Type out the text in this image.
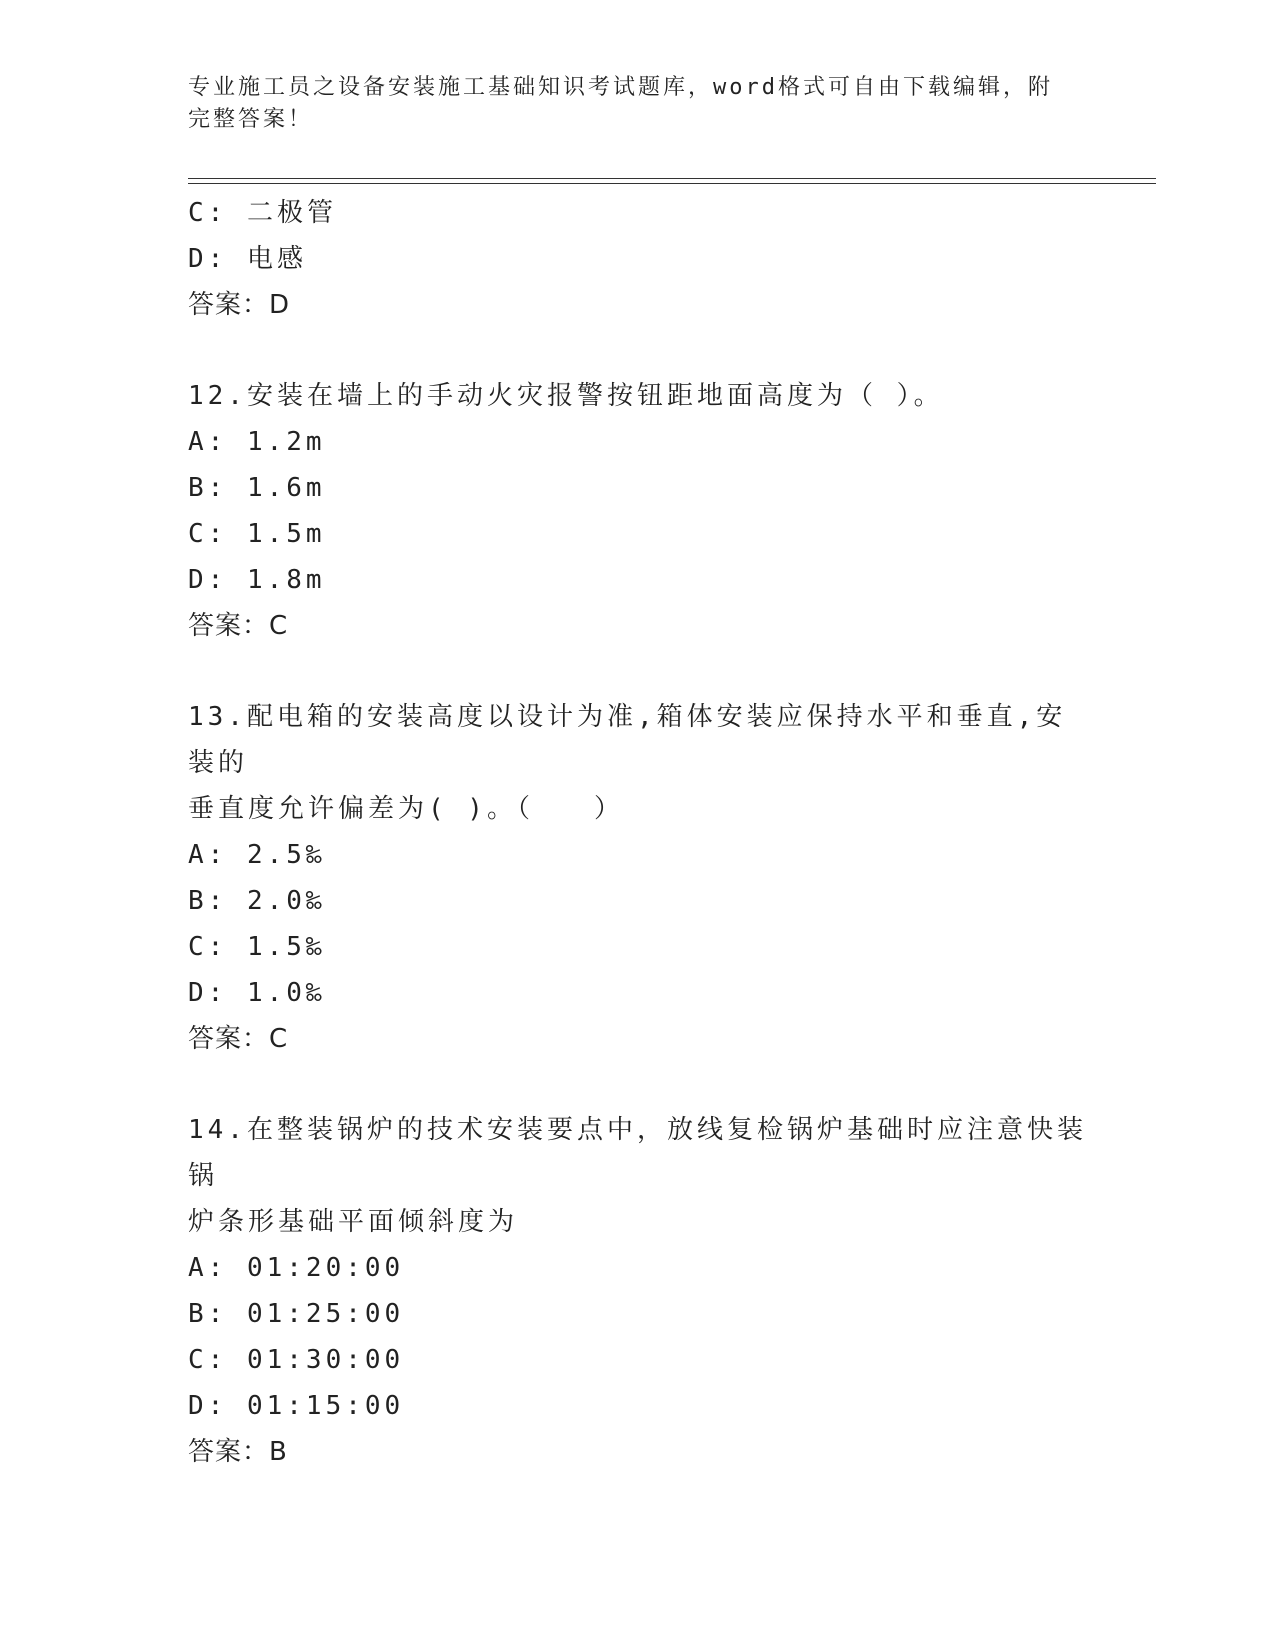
专业施工员之设备安装施工基础知识考试题库，word格式可自由下载编辑，附完整答案！
C: 二极管
D: 电感
答案：D
12.安装在墙上的手动火灾报警按钮距地面高度为（ ）。
A: 1.2m
B: 1.6m
C: 1.5m
D: 1.8m
答案：C
13.配电箱的安装高度以设计为准,箱体安装应保持水平和垂直,安装的
垂直度允许偏差为( )。（　　）
A: 2.5‰
B: 2.0‰
C: 1.5‰
D: 1.0‰
答案：C
14.在整装锅炉的技术安装要点中，放线复检锅炉基础时应注意快装锅
炉条形基础平面倾斜度为
A: 01:20:00
B: 01:25:00
C: 01:30:00
D: 01:15:00
答案：B
